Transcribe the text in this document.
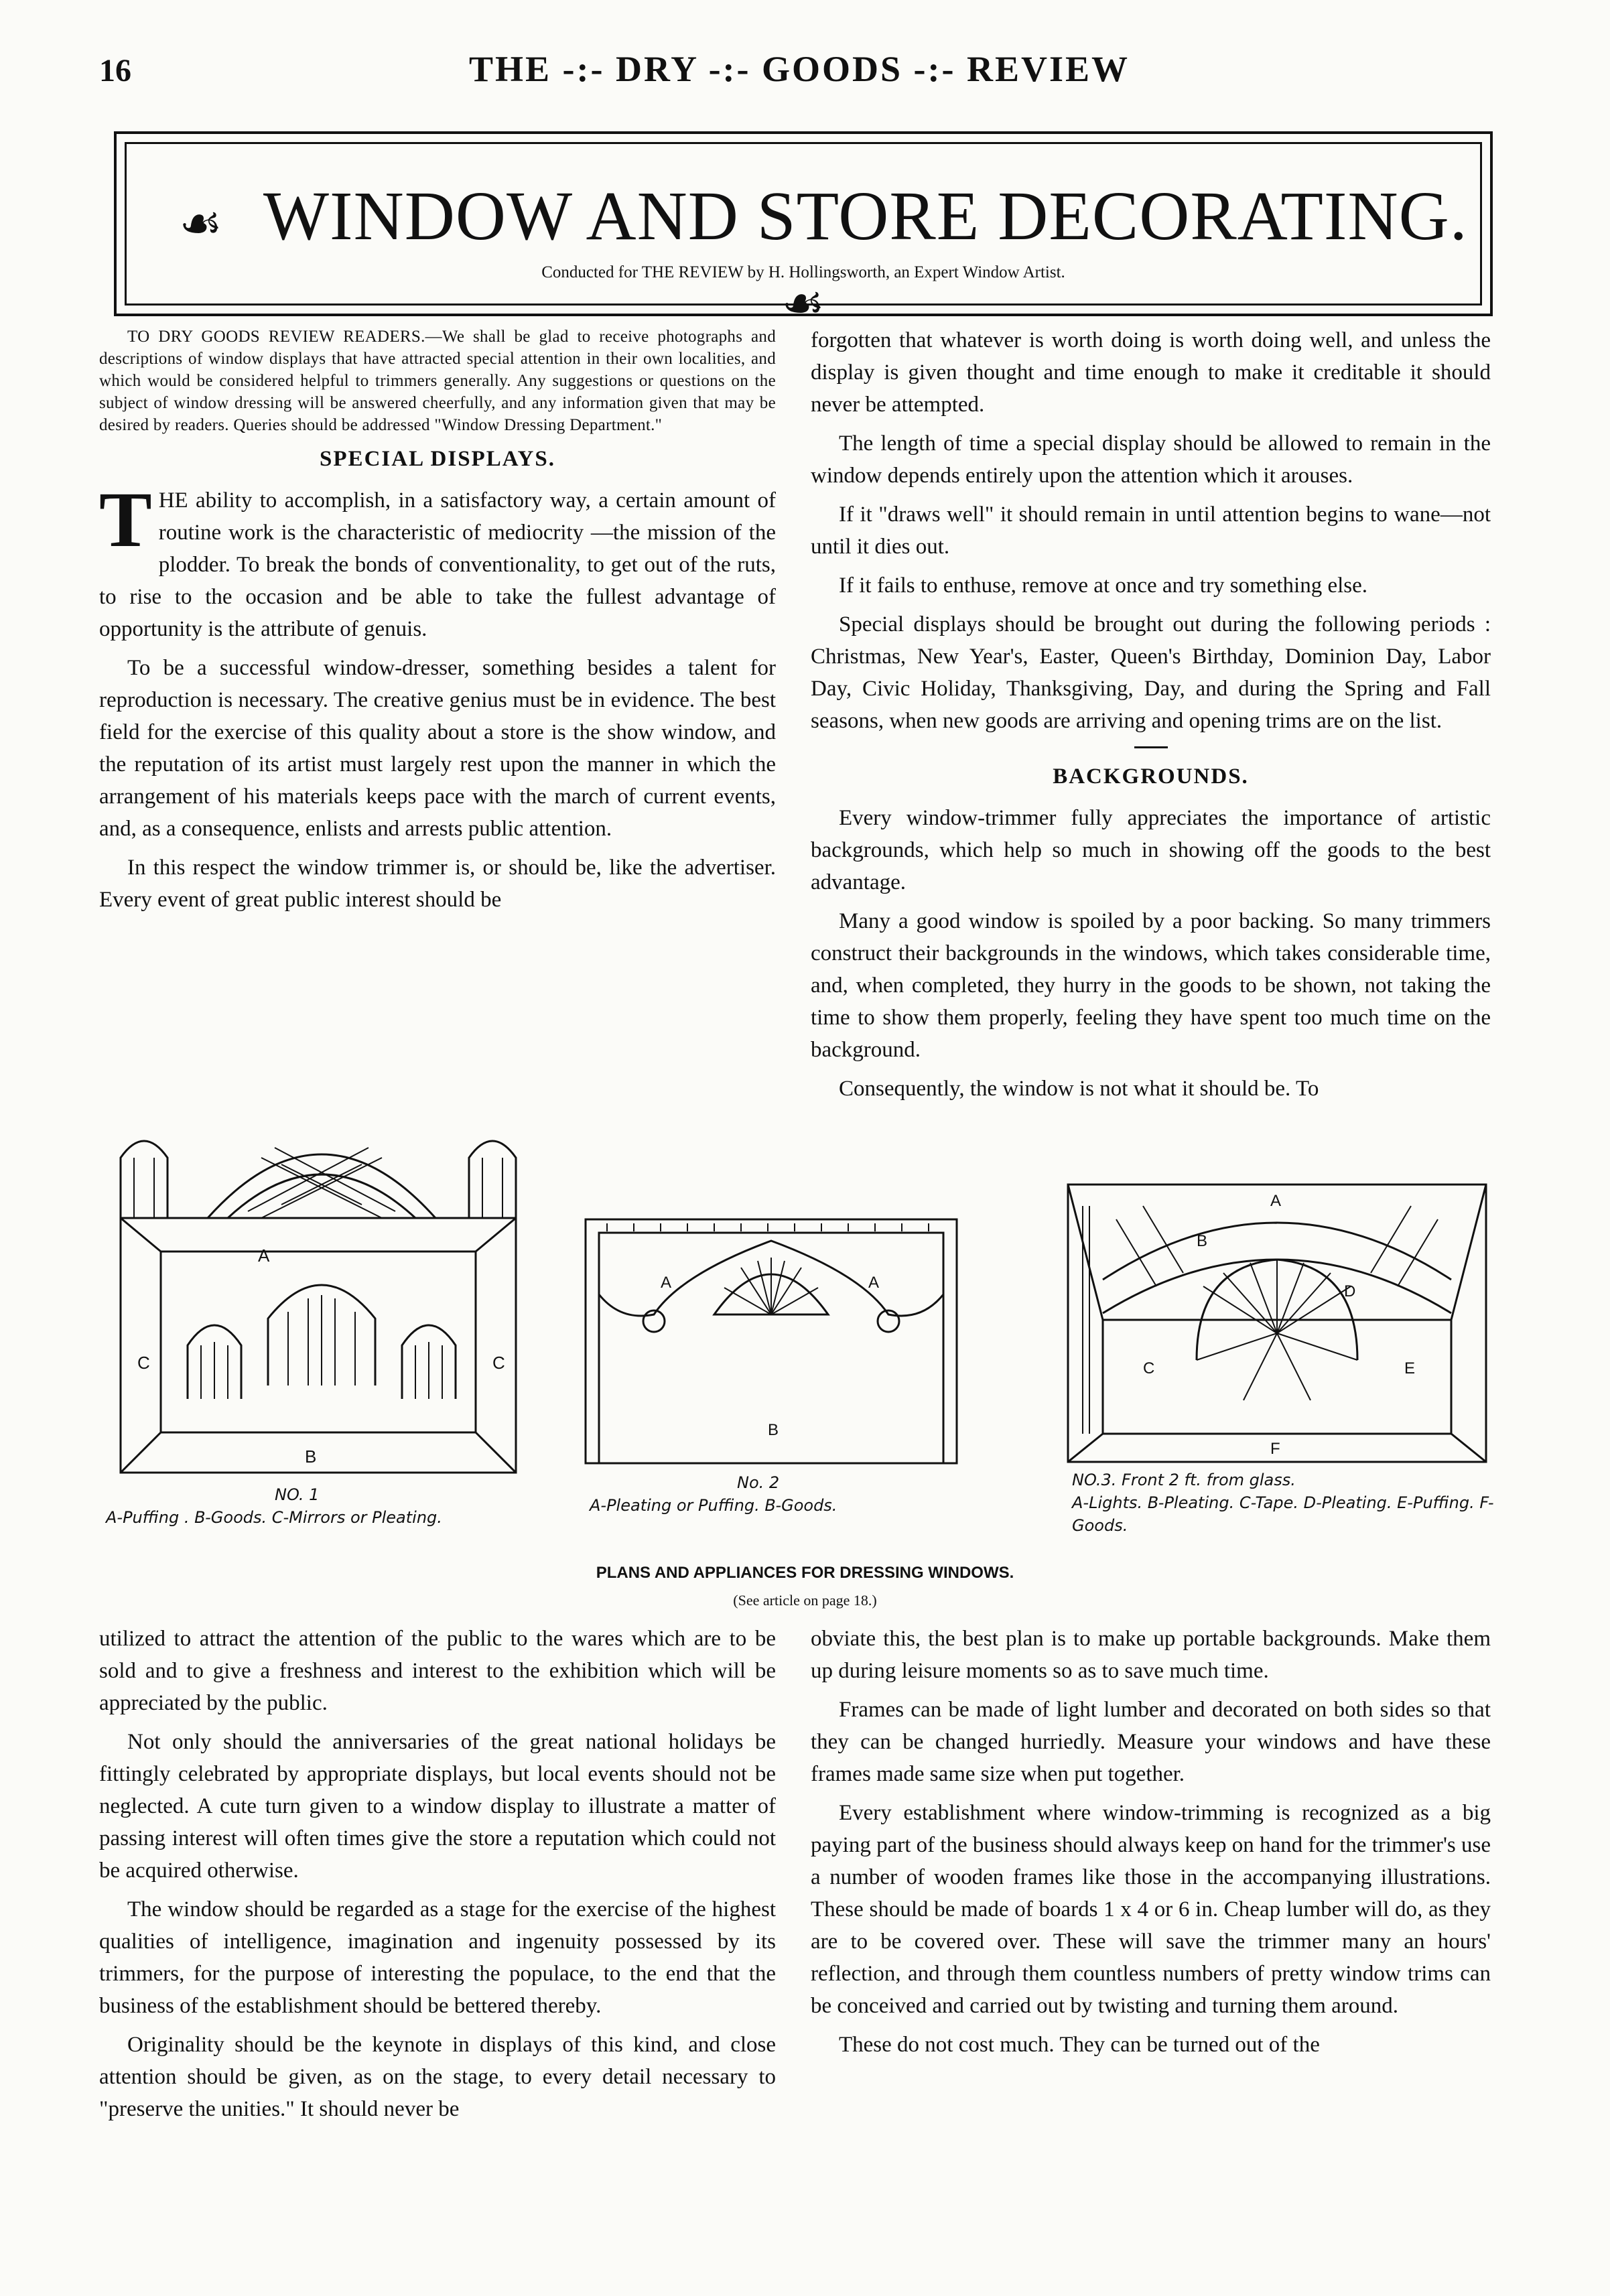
16	THE -:- DRY -:- GOODS -:- REVIEW
☙ WINDOW AND STORE DECORATING.☙
Conducted for THE REVIEW by H. Hollingsworth, an Expert Window Artist.

TO DRY GOODS REVIEW READERS.—We shall be glad to receive photographs and descriptions of window displays that have attracted special attention in their own localities, and which would be considered helpful to trimmers generally. Any suggestions or questions on the subject of window dressing will be answered cheerfully, and any information given that may be desired by readers. Queries should be addressed "Window Dressing Department."

SPECIAL DISPLAYS.

THE ability to accomplish, in a satisfactory way, a certain amount of routine work is the characteristic of mediocrity —the mission of the plodder. To break the bonds of conventionality, to get out of the ruts, to rise to the occasion and be able to take the fullest advantage of opportunity is the attribute of genuis.

To be a successful window-dresser, something besides a talent for reproduction is necessary. The creative genius must be in evidence. The best field for the exercise of this quality about a store is the show window, and the reputation of its artist must largely rest upon the manner in which the arrangement of his materials keeps pace with the march of current events, and, as a consequence, enlists and arrests public attention.

In this respect the window trimmer is, or should be, like the advertiser. Every event of great public interest should be

forgotten that whatever is worth doing is worth doing well, and unless the display is given thought and time enough to make it creditable it should never be attempted.

The length of time a special display should be allowed to remain in the window depends entirely upon the attention which it arouses.

If it "draws well" it should remain in until attention begins to wane—not until it dies out.

If it fails to enthuse, remove at once and try something else.

Special displays should be brought out during the following periods : Christmas, New Year's, Easter, Queen's Birthday, Dominion Day, Labor Day, Civic Holiday, Thanksgiving, Day, and during the Spring and Fall seasons, when new goods are arriving and opening trims are on the list.

BACKGROUNDS.

Every window-trimmer fully appreciates the importance of artistic backgrounds, which help so much in showing off the goods to the best advantage.

Many a good window is spoiled by a poor backing. So many trimmers construct their backgrounds in the windows, which takes considerable time, and, when completed, they hurry in the goods to be shown, not taking the time to show them properly, feeling they have spent too much time on the background.

Consequently, the window is not what it should be. To

A
B
C	C
NO. 1
A-Puffing . B-Goods. C-Mirrors or Pleating.
A	A
B
No. 2
A-Pleating or Puffing. B-Goods.
A
B
C
D
E
F
NO.3. Front 2 ft. from glass.
A-Lights. B-Pleating. C-Tape. D-Pleating. E-Puffing. F-Goods.
PLANS AND APPLIANCES FOR DRESSING WINDOWS.
(See article on page 18.)

utilized to attract the attention of the public to the wares which are to be sold and to give a freshness and interest to the exhibition which will be appreciated by the public.

Not only should the anniversaries of the great national holidays be fittingly celebrated by appropriate displays, but local events should not be neglected. A cute turn given to a window display to illustrate a matter of passing interest will often times give the store a reputation which could not be acquired otherwise.

The window should be regarded as a stage for the exercise of the highest qualities of intelligence, imagination and ingenuity possessed by its trimmers, for the purpose of interesting the populace, to the end that the business of the establishment should be bettered thereby.

Originality should be the keynote in displays of this kind, and close attention should be given, as on the stage, to every detail necessary to "preserve the unities." It should never be

obviate this, the best plan is to make up portable backgrounds. Make them up during leisure moments so as to save much time.

Frames can be made of light lumber and decorated on both sides so that they can be changed hurriedly. Measure your windows and have these frames made same size when put together.

Every establishment where window-trimming is recognized as a big paying part of the business should always keep on hand for the trimmer's use a number of wooden frames like those in the accompanying illustrations. These should be made of boards 1 x 4 or 6 in. Cheap lumber will do, as they are to be covered over. These will save the trimmer many an hours' reflection, and through them countless numbers of pretty window trims can be conceived and carried out by twisting and turning them around.

These do not cost much. They can be turned out of the
